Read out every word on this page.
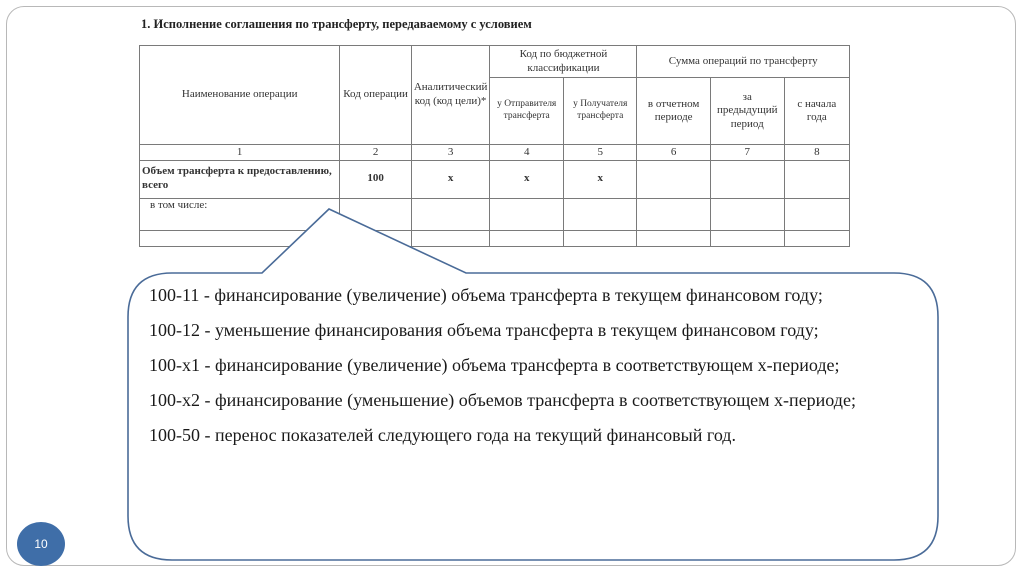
1. Исполнение соглашения по трансферту, передаваемому с условием
Наименование операции	Код операции	Аналитический код (код цели)*	Код по бюджетной классификации		Сумма операций по трансферту		
			у Отправителя трансферта	у Получателя трансферта	в отчетном периоде	за предыдущий период	с начала года
1	2	3	4	5	6	7	8
Объем трансферта к предоставлению, всего	100	x	x	x			
в том числе:							

100-11 - финансирование (увеличение) объема трансферта в текущем финансовом году;

100-12 - уменьшение финансирования объема трансферта в текущем финансовом году;

100-x1 - финансирование (увеличение) объема трансферта в соответствующем x-периоде;

100-x2 - финансирование (уменьшение) объемов трансферта в соответствующем x-периоде;

100-50 - перенос показателей следующего года на текущий финансовый год.

10
